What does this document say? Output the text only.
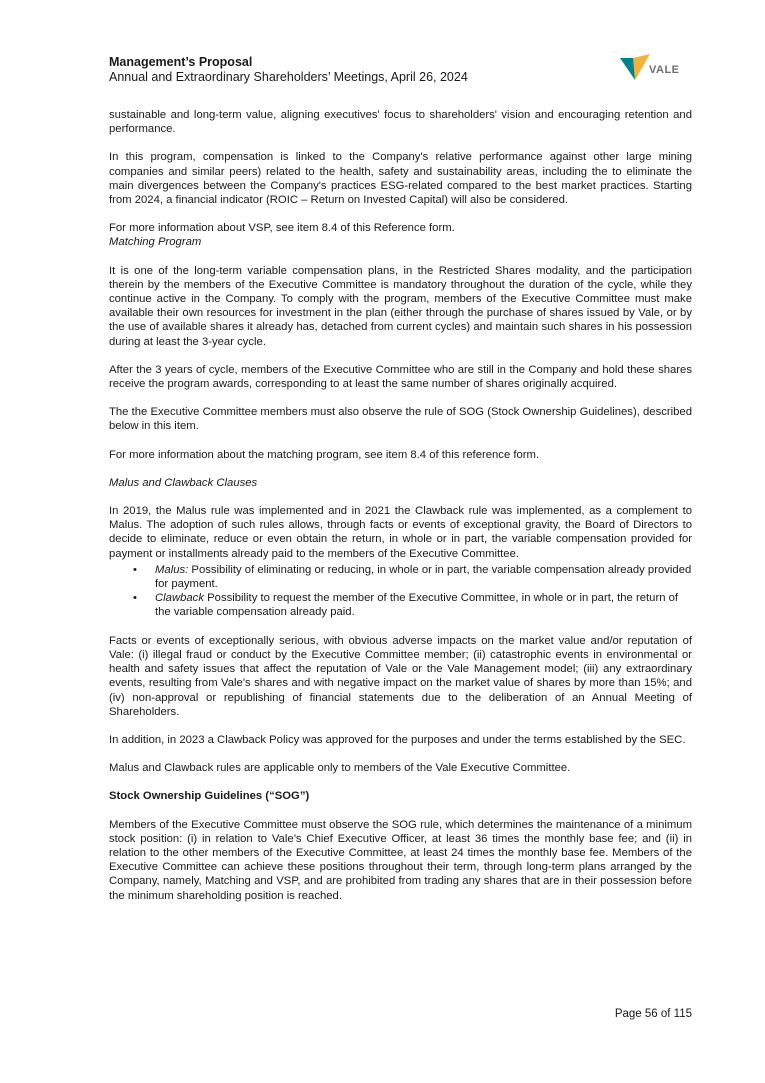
Management’s Proposal
Annual and Extraordinary Shareholders’ Meetings, April 26, 2024	VALE

sustainable and long-term value, aligning executives' focus to shareholders' vision and encouraging retention and performance.

In this program, compensation is linked to the Company's relative performance against other large mining companies and similar peers) related to the health, safety and sustainability areas, including the to eliminate the main divergences between the Company's practices ESG-related compared to the best market practices. Starting from 2024, a financial indicator (ROIC – Return on Invested Capital) will also be considered.

For more information about VSP, see item 8.4 of this Reference form.

Matching Program

It is one of the long-term variable compensation plans, in the Restricted Shares modality, and the participation therein by the members of the Executive Committee is mandatory throughout the duration of the cycle, while they continue active in the Company. To comply with the program, members of the Executive Committee must make available their own resources for investment in the plan (either through the purchase of shares issued by Vale, or by the use of available shares it already has, detached from current cycles) and maintain such shares in his possession during at least the 3-year cycle.

After the 3 years of cycle, members of the Executive Committee who are still in the Company and hold these shares receive the program awards, corresponding to at least the same number of shares originally acquired.

The the Executive Committee members must also observe the rule of SOG (Stock Ownership Guidelines), described below in this item.

For more information about the matching program, see item 8.4 of this reference form.

Malus and Clawback Clauses

In 2019, the Malus rule was implemented and in 2021 the Clawback rule was implemented, as a complement to Malus. The adoption of such rules allows, through facts or events of exceptional gravity, the Board of Directors to decide to eliminate, reduce or even obtain the return, in whole or in part, the variable compensation provided for payment or installments already paid to the members of the Executive Committee.

• Malus: Possibility of eliminating or reducing, in whole or in part, the variable compensation already provided for payment.
• Clawback Possibility to request the member of the Executive Committee, in whole or in part, the return of the variable compensation already paid.

Facts or events of exceptionally serious, with obvious adverse impacts on the market value and/or reputation of Vale: (i) illegal fraud or conduct by the Executive Committee member; (ii) catastrophic events in environmental or health and safety issues that affect the reputation of Vale or the Vale Management model; (iii) any extraordinary events, resulting from Vale's shares and with negative impact on the market value of shares by more than 15%; and (iv) non-approval or republishing of financial statements due to the deliberation of an Annual Meeting of Shareholders.

In addition, in 2023 a Clawback Policy was approved for the purposes and under the terms established by the SEC.

Malus and Clawback rules are applicable only to members of the Vale Executive Committee.

Stock Ownership Guidelines (“SOG”)

Members of the Executive Committee must observe the SOG rule, which determines the maintenance of a minimum stock position: (i) in relation to Vale’s Chief Executive Officer, at least 36 times the monthly base fee; and (ii) in relation to the other members of the Executive Committee, at least 24 times the monthly base fee. Members of the Executive Committee can achieve these positions throughout their term, through long-term plans arranged by the Company, namely, Matching and VSP, and are prohibited from trading any shares that are in their possession before the minimum shareholding position is reached.

Page 56 of 115
